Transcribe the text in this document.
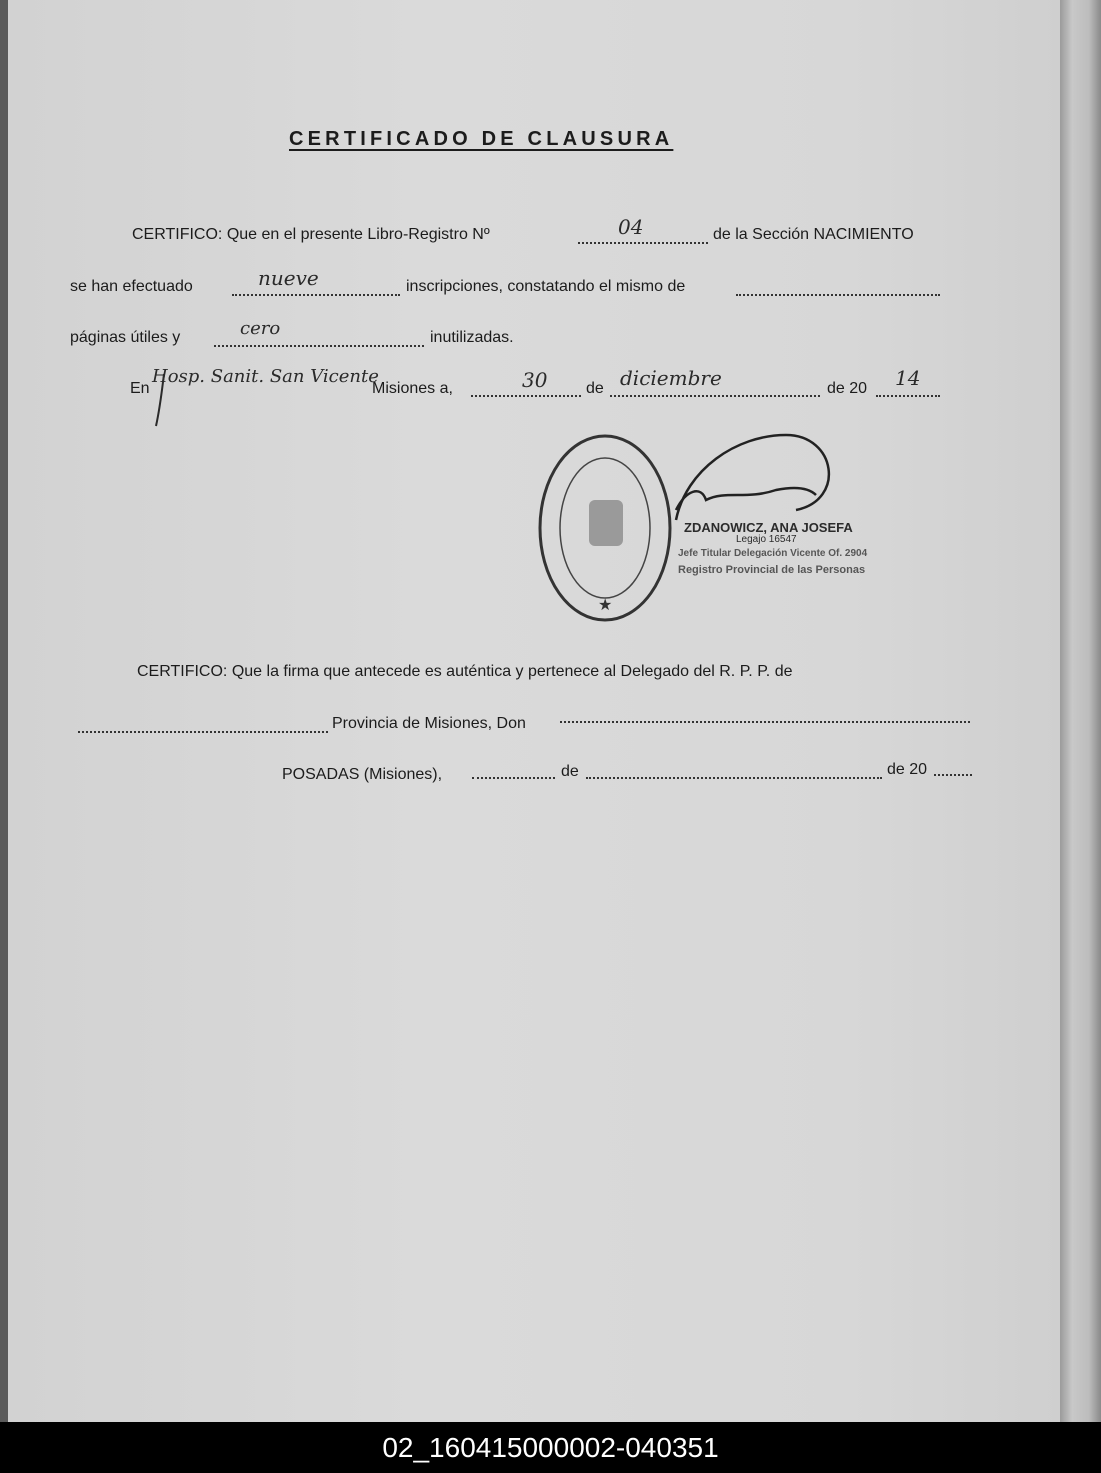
CERTIFICADO DE CLAUSURA
CERTIFICO: Que en el presente Libro-Registro Nº	04	de la Sección NACIMIENTO
se han efectuado	nueve	inscripciones, constatando el mismo de
páginas útiles y	cero	inutilizadas.
En
Hosp. Sanit. San Vicente
Misiones a,	30 de diciembre	de 20 14
★
ZDANOWICZ, ANA JOSEFA
Legajo 16547
Jefe Titular Delegación Vicente Of. 2904
Registro Provincial de las Personas
CERTIFICO: Que la firma que antecede es auténtica y pertenece al Delegado del R. P. P. de
Provincia de Misiones, Don
POSADAS (Misiones),	de	de 20
02_160415000002-040351
